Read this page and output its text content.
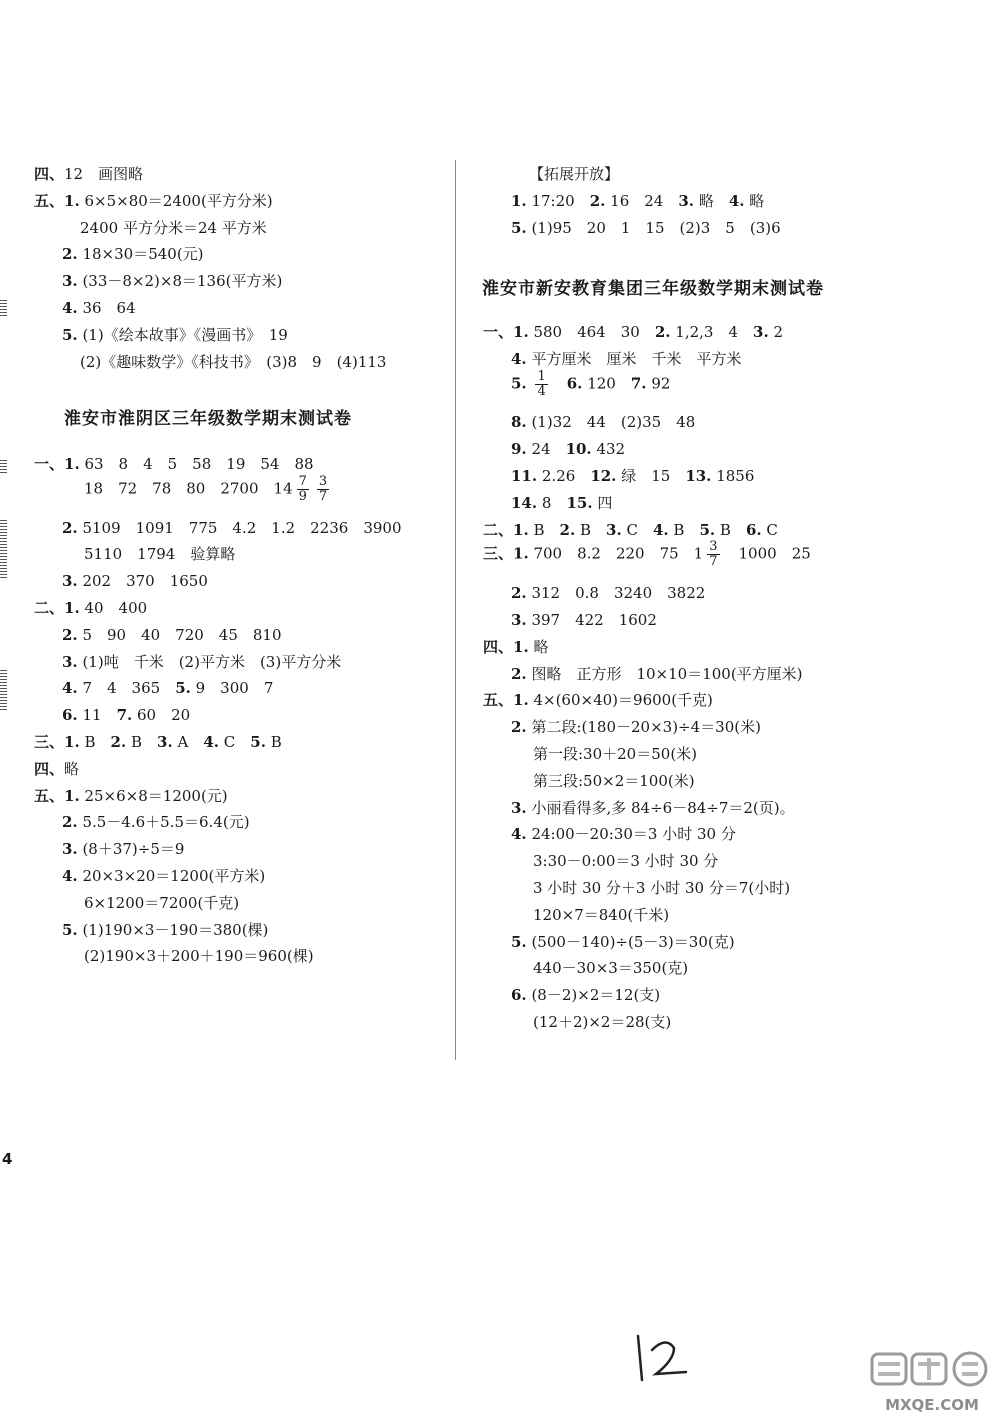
四、12　画图略
五、1. 6×5×80＝2400(平方分米)
2400 平方分米＝24 平方米
2. 18×30＝540(元)
3. (33－8×2)×8＝136(平方米)
4. 36　64
5. (1)《绘本故事》《漫画书》　19
(2)《趣味数学》《科技书》　(3)8　9　(4)113
淮安市淮阴区三年级数学期末测试卷
一、1. 63　8　4　5　58　19　54　88
18　72　78　80　2700　$14 \frac{7}{9} \frac{3}{7}$
2. 5109　1091　775　4.2　1.2　2236　3900
5110　1794　验算略
3. 202　370　1650
二、1. 40　400
2. 5　90　40　720　45　810
3. (1)吨　千米　(2)平方米　(3)平方分米
4. 7　4　365　 5. 9　300　7
6. 11　 7. 60　20
三、1. B　 2. B　 3. A　 4. C　 5. B
四、略
五、1. 25×6×8＝1200(元)
2. 5.5－4.6＋5.5＝6.4(元)
3. (8＋37)÷5＝9
4. 20×3×20＝1200(平方米)
6×1200＝7200(千克)
5. (1)190×3－190＝380(棵)
(2)190×3＋200＋190＝960(棵)
【拓展开放】
1. 17:20　 2. 16　24　 3. 略　 4. 略
5. (1)95　20　1　15　(2)3　5　(3)6
淮安市新安教育集团三年级数学期末测试卷
一、1. 580　464　30　 2. 1,2,3　4　 3. 2
4. 平方厘米　厘米　千米　平方米
5. $\frac{1}{4}$
　 6. 120　 7. 92
8. (1)32　44　(2)35　48
9. 24　 10. 432
11. 2.26　 12. 绿　15　 13. 1856
14. 8　 15. 四
二、1. B　 2. B　 3. C　 4. B　 5. B　 6. C
三、1. 700　8.2　220　75　$1 \frac{3}{7}$
　 1000　25
2. 312　0.8　3240　3822
3. 397　422　1602
四、1. 略
2. 图略　正方形　10×10＝100(平方厘米)
五、1. 4×(60×40)＝9600(千克)
2. 第二段:(180－20×3)÷4＝30(米)
第一段:30＋20＝50(米)
第三段:50×2＝100(米)
3. 小丽看得多,多 84÷6－84÷7＝2(页)。
4. 24:00－20:30＝3 小时 30 分
3:30－0:00＝3 小时 30 分
3 小时 30 分＋3 小时 30 分＝7(小时)
120×7＝840(千米)
5. (500－140)÷(5－3)＝30(克)
440－30×3＝350(克)
6. (8－2)×2＝12(支)
(12＋2)×2＝28(支)
4
MXQE.COM
